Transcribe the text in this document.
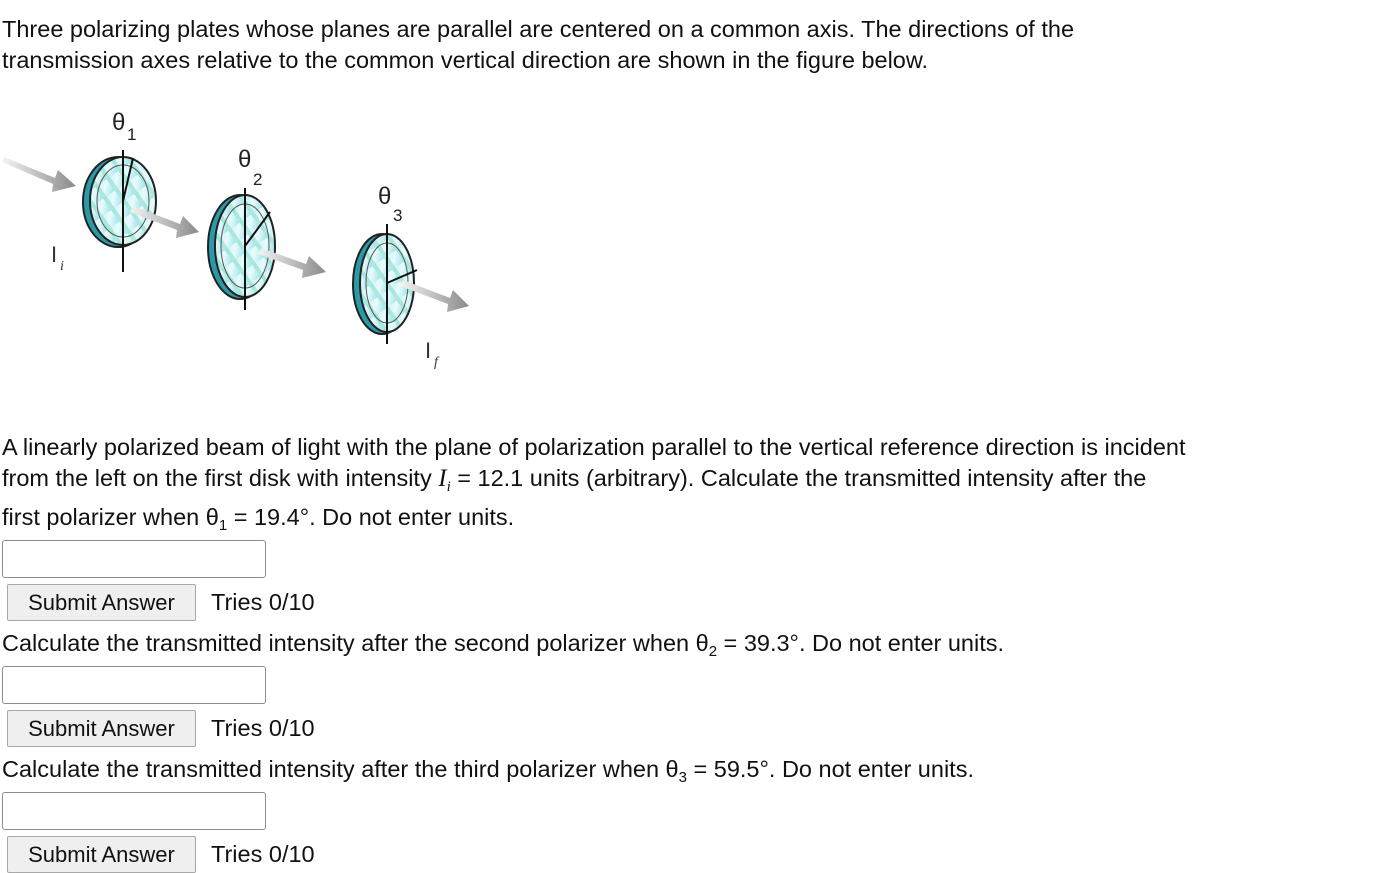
Three polarizing plates whose planes are parallel are centered on a common axis. The directions of the
transmission axes relative to the common vertical direction are shown in the figure below.

θ 1
θ
2
θ
3
I i
I f

A linearly polarized beam of light with the plane of polarization parallel to the vertical reference direction is incident
from the left on the first disk with intensity $I_i = 12.1$ units (arbitrary). Calculate the transmitted intensity after the

first polarizer when $\theta_1 = 19.4^\circ$. Do not enter units.

Submit Answer	Tries 0/10

Calculate the transmitted intensity after the second polarizer when $\theta_2 = 39.3^\circ$. Do not enter units.

Submit Answer	Tries 0/10

Calculate the transmitted intensity after the third polarizer when $\theta_3 = 59.5^\circ$. Do not enter units.

Submit Answer	Tries 0/10
